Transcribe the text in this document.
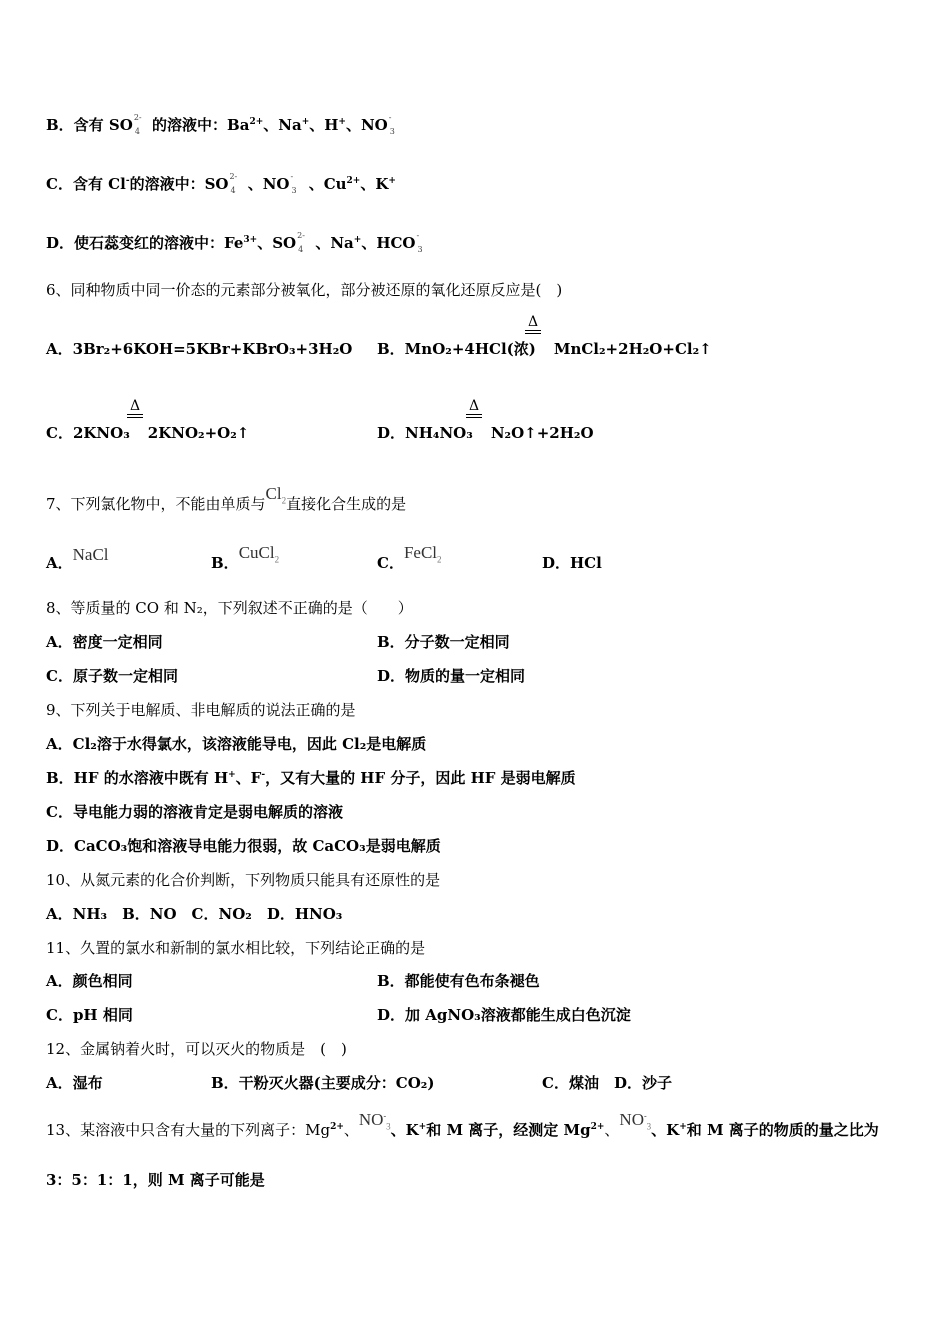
B．含有 SO 2-
4 的溶液中：$Ba^{2+}$、Na+、H+、NO -
3
C．含有 Cl-的溶液中：SO 2-
4 、NO -
3 、$Cu^{2+}$、K+
D．使石蕊变红的溶液中：$Fe^{3+}$、SO 2-
4 、Na+、HCO -
3
6、同种物质中同一价态的元素部分被氧化，部分被还原的氧化还原反应是(　)
A．3Br₂+6KOH=5KBr+KBrO₃+3H₂O B．MnO₂+4HCl(浓) MnCl₂+2H₂O+Cl₂↑
Δ
C．2KNO₃ 2KNO₂+O₂↑
Δ
D．NH₄NO₃ N₂O↑+2H₂O
Δ
7、下列氯化物中，不能由单质与$Cl_2$直接化合生成的是
A．NaCl	B．CuCl$_2$	C．FeCl$_2$	D．HCl
8、等质量的 CO 和 N₂，下列叙述不正确的是（　　）
A．密度一定相同	B．分子数一定相同
C．原子数一定相同	D．物质的量一定相同
9、下列关于电解质、非电解质的说法正确的是
A．Cl₂溶于水得氯水，该溶液能导电，因此 Cl₂是电解质
B．HF 的水溶液中既有 H+、F-，又有大量的 HF 分子，因此 HF 是弱电解质
C．导电能力弱的溶液肯定是弱电解质的溶液
D．CaCO₃饱和溶液导电能力很弱，故 CaCO₃是弱电解质
10、从氮元素的化合价判断，下列物质只能具有还原性的是
A．NH₃　B．NO　C．NO₂　D．HNO₃
11、久置的氯水和新制的氯水相比较，下列结论正确的是
A．颜色相同	B．都能使有色布条褪色
C．pH 相同	D．加 AgNO₃溶液都能生成白色沉淀
12、金属钠着火时，可以灭火的物质是　(　)
A．湿布	B．干粉灭火器(主要成分：CO₂)	C．煤油　D．沙子
13、某溶液中只含有大量的下列离子：$Mg^{2+}$、$NO^-_3$、K+和 M 离子，经测定 $Mg^{2+}$、$NO^-_3$、K+和 M 离子的物质的量之比为
3：5：1：1，则 M 离子可能是
